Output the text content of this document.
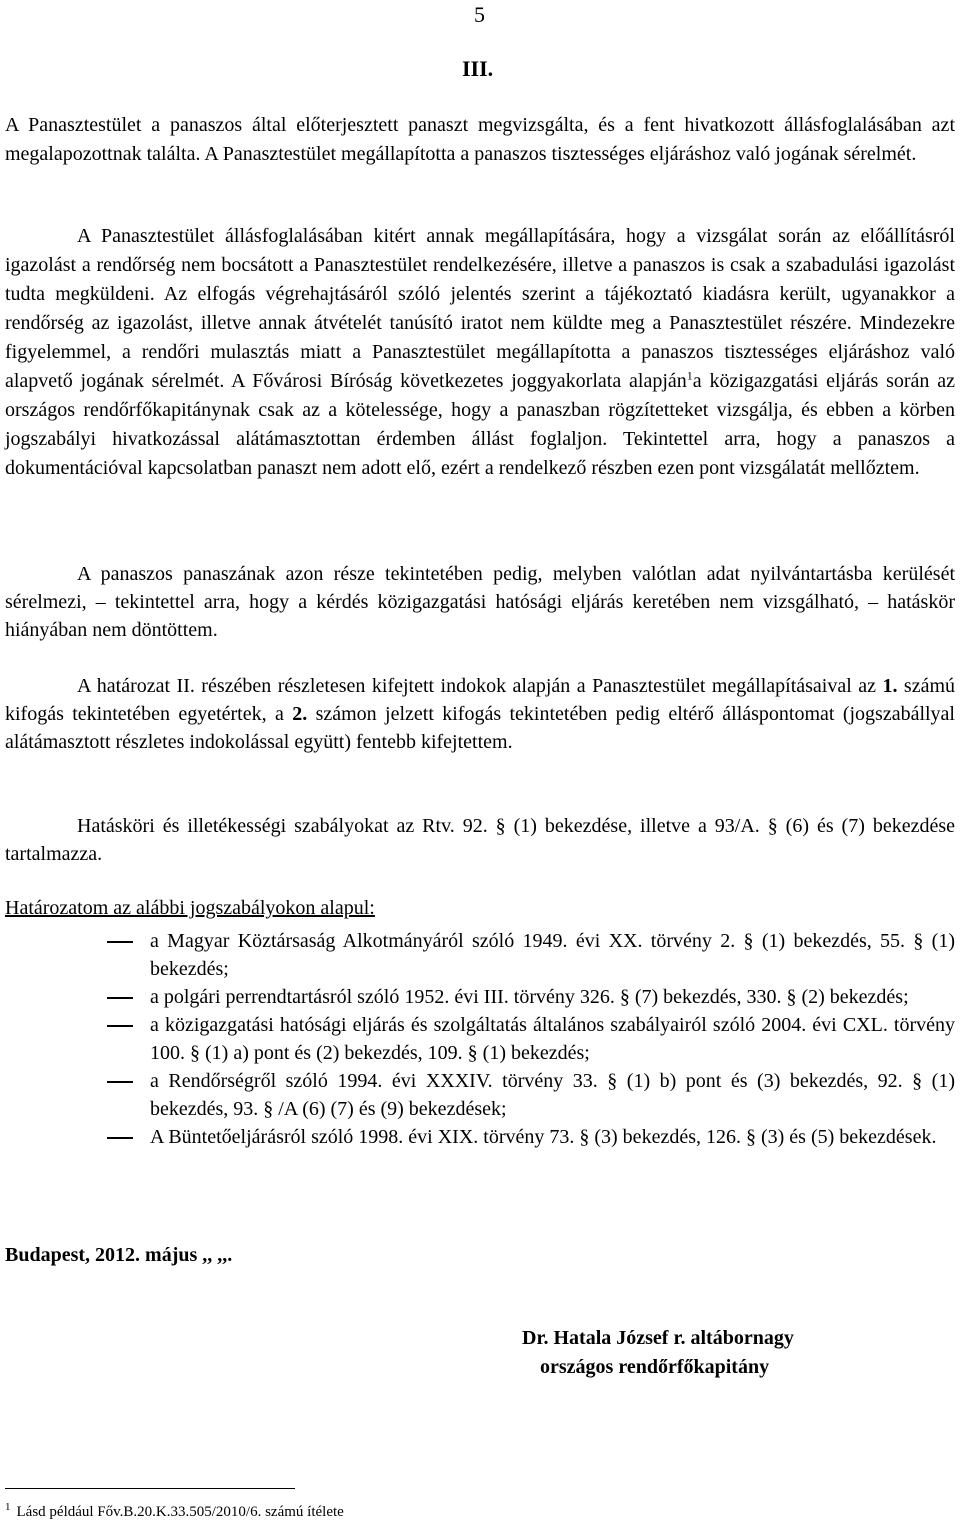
5
III.

A Panasztestület a panaszos által előterjesztett panaszt megvizsgálta, és a fent hivatkozott állásfoglalásában azt megalapozottnak találta. A Panasztestület megállapította a panaszos tisztességes eljáráshoz való jogának sérelmét.

A Panasztestület állásfoglalásában kitért annak megállapítására, hogy a vizsgálat során az előállításról igazolást a rendőrség nem bocsátott a Panasztestület rendelkezésére, illetve a panaszos is csak a szabadulási igazolást tudta megküldeni. Az elfogás végrehajtásáról szóló jelentés szerint a tájékoztató kiadásra került, ugyanakkor a rendőrség az igazolást, illetve annak átvételét tanúsító iratot nem küldte meg a Panasztestület részére. Mindezekre figyelemmel, a rendőri mulasztás miatt a Panasztestület megállapította a panaszos tisztességes eljáráshoz való alapvető jogának sérelmét. A Fővárosi Bíróság következetes joggyakorlata alapján$^1$a közigazgatási eljárás során az országos rendőrfőkapitánynak csak az a kötelessége, hogy a panaszban rögzítetteket vizsgálja, és ebben a körben jogszabályi hivatkozással alátámasztottan érdemben állást foglaljon. Tekintettel arra, hogy a panaszos a dokumentációval kapcsolatban panaszt nem adott elő, ezért a rendelkező részben ezen pont vizsgálatát mellőztem.

A panaszos panaszának azon része tekintetében pedig, melyben valótlan adat nyilvántartásba kerülését sérelmezi, – tekintettel arra, hogy a kérdés közigazgatási hatósági eljárás keretében nem vizsgálható, – hatáskör hiányában nem döntöttem.

A határozat II. részében részletesen kifejtett indokok alapján a Panasztestület megállapításaival az 1. számú kifogás tekintetében egyetértek, a 2. számon jelzett kifogás tekintetében pedig eltérő álláspontomat (jogszabállyal alátámasztott részletes indokolással együtt) fentebb kifejtettem.

Hatásköri és illetékességi szabályokat az Rtv. 92. § (1) bekezdése, illetve a 93/A. § (6) és (7) bekezdése tartalmazza.

Határozatom az alábbi jogszabályokon alapul:
a Magyar Köztársaság Alkotmányáról szóló 1949. évi XX. törvény 2. § (1) bekezdés, 55. § (1) bekezdés;
a polgári perrendtartásról szóló 1952. évi III. törvény 326. § (7) bekezdés, 330. § (2) bekezdés;
a közigazgatási hatósági eljárás és szolgáltatás általános szabályairól szóló 2004. évi CXL. törvény 100. § (1) a) pont és (2) bekezdés, 109. § (1) bekezdés;
a Rendőrségről szóló 1994. évi XXXIV. törvény 33. § (1) b) pont és (3) bekezdés, 92. § (1) bekezdés, 93. § /A (6) (7) és (9) bekezdések;
A Büntetőeljárásról szóló 1998. évi XIX. törvény 73. § (3) bekezdés, 126. § (3) és (5) bekezdések.
Budapest, 2012. május ,, ,,.
Dr. Hatala József r. altábornagy
országos rendőrfőkapitány
$^1$ Lásd például Főv.B.20.K.33.505/2010/6. számú ítélete
